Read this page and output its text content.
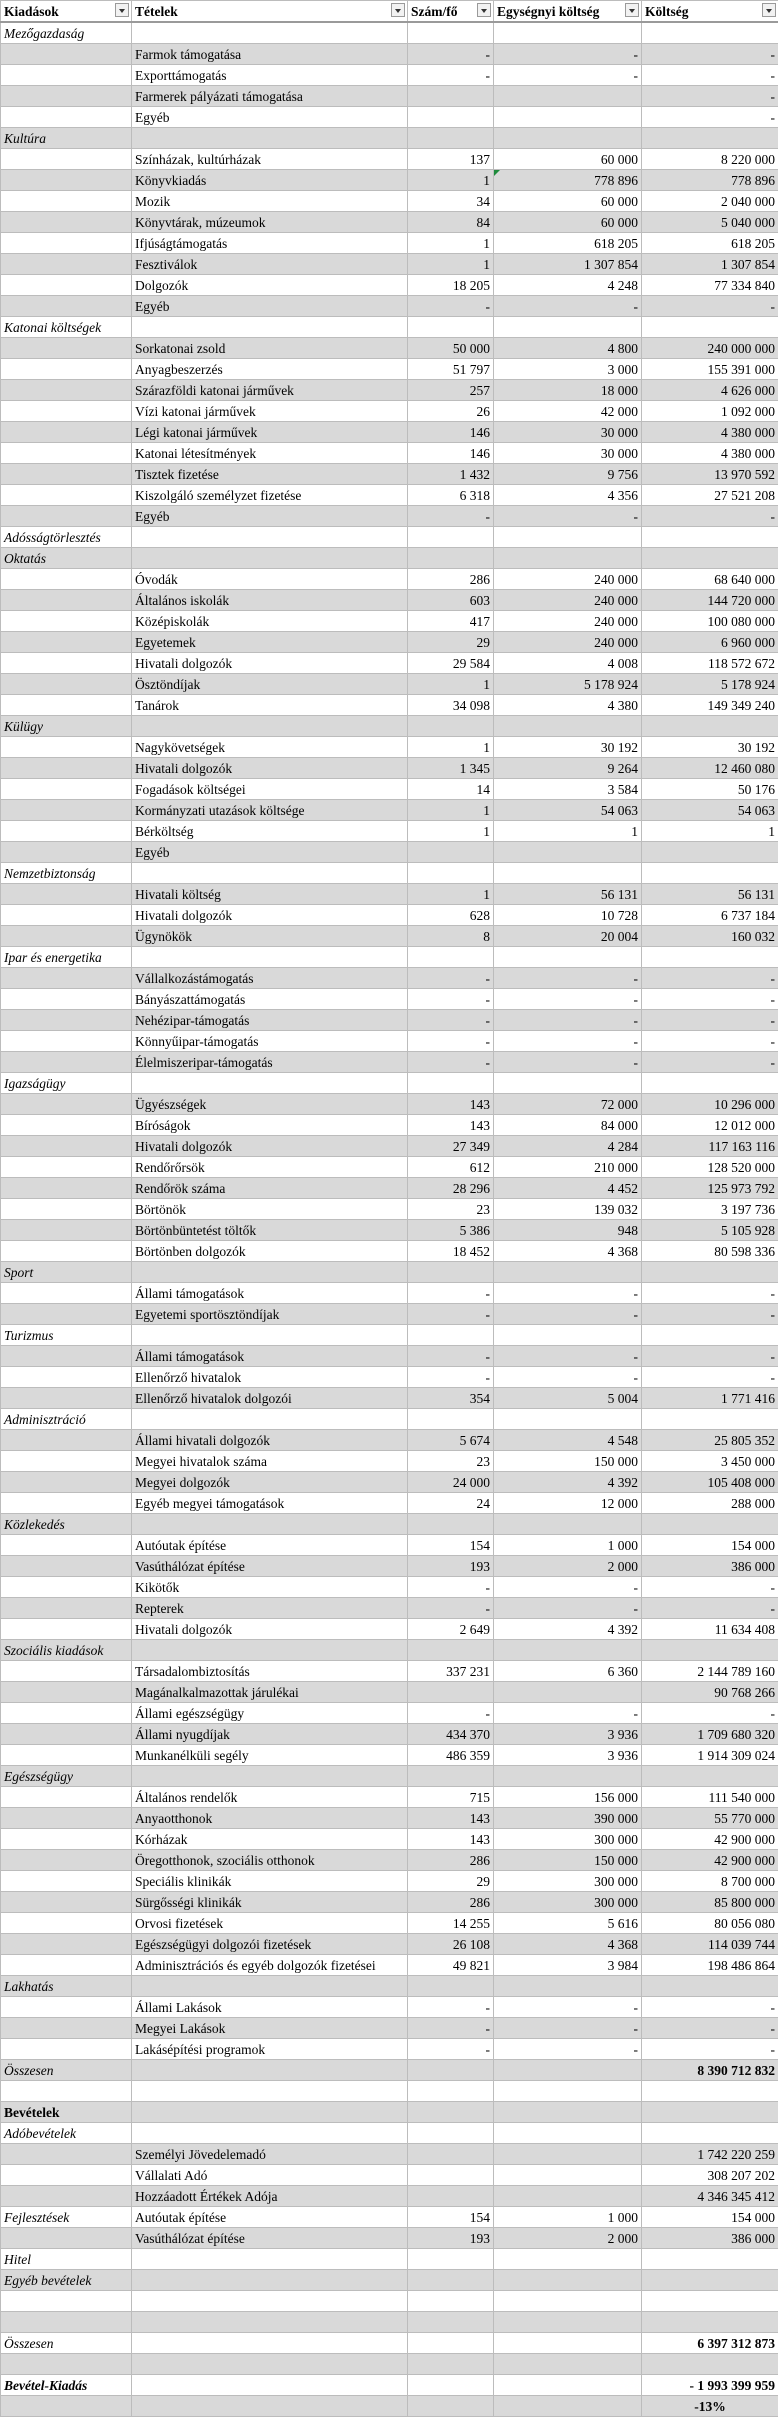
Kiadások	Tételek	Szám/fő	Egységnyi költség	Költség

Mezőgazdaság				
	Farmok támogatása	-	-	-
	Exporttámogatás	-	-	-
	Farmerek pályázati támogatása			-
	Egyéb			-
Kultúra				
	Színházak, kultúrházak	137	60 000	8 220 000
	Könyvkiadás	1	778 896	778 896
	Mozik	34	60 000	2 040 000
	Könyvtárak, múzeumok	84	60 000	5 040 000
	Ifjúságtámogatás	1	618 205	618 205
	Fesztiválok	1	1 307 854	1 307 854
	Dolgozók	18 205	4 248	77 334 840
	Egyéb	-	-	-
Katonai költségek				
	Sorkatonai zsold	50 000	4 800	240 000 000
	Anyagbeszerzés	51 797	3 000	155 391 000
	Szárazföldi katonai járművek	257	18 000	4 626 000
	Vízi katonai járművek	26	42 000	1 092 000
	Légi katonai járművek	146	30 000	4 380 000
	Katonai létesítmények	146	30 000	4 380 000
	Tisztek fizetése	1 432	9 756	13 970 592
	Kiszolgáló személyzet fizetése	6 318	4 356	27 521 208
	Egyéb	-	-	-
Adósságtörlesztés				
Oktatás				
	Óvodák	286	240 000	68 640 000
	Általános iskolák	603	240 000	144 720 000
	Középiskolák	417	240 000	100 080 000
	Egyetemek	29	240 000	6 960 000
	Hivatali dolgozók	29 584	4 008	118 572 672
	Ösztöndíjak	1	5 178 924	5 178 924
	Tanárok	34 098	4 380	149 349 240
Külügy				
	Nagykövetségek	1	30 192	30 192
	Hivatali dolgozók	1 345	9 264	12 460 080
	Fogadások költségei	14	3 584	50 176
	Kormányzati utazások költsége	1	54 063	54 063
	Bérköltség	1	1	1
	Egyéb			
Nemzetbiztonság				
	Hivatali költség	1	56 131	56 131
	Hivatali dolgozók	628	10 728	6 737 184
	Ügynökök	8	20 004	160 032
Ipar és energetika				
	Vállalkozástámogatás	-	-	-
	Bányászattámogatás	-	-	-
	Nehézipar-támogatás	-	-	-
	Könnyűipar-támogatás	-	-	-
	Élelmiszeripar-támogatás	-	-	-
Igazságügy				
	Ügyészségek	143	72 000	10 296 000
	Bíróságok	143	84 000	12 012 000
	Hivatali dolgozók	27 349	4 284	117 163 116
	Rendőrőrsök	612	210 000	128 520 000
	Rendőrök száma	28 296	4 452	125 973 792
	Börtönök	23	139 032	3 197 736
	Börtönbüntetést töltők	5 386	948	5 105 928
	Börtönben dolgozók	18 452	4 368	80 598 336
Sport				
	Állami támogatások	-	-	-
	Egyetemi sportösztöndíjak	-	-	-
Turizmus				
	Állami támogatások	-	-	-
	Ellenőrző hivatalok	-	-	-
	Ellenőrző hivatalok dolgozói	354	5 004	1 771 416
Adminisztráció				
	Állami hivatali dolgozók	5 674	4 548	25 805 352
	Megyei hivatalok száma	23	150 000	3 450 000
	Megyei dolgozók	24 000	4 392	105 408 000
	Egyéb megyei támogatások	24	12 000	288 000
Közlekedés				
	Autóutak építése	154	1 000	154 000
	Vasúthálózat építése	193	2 000	386 000
	Kikötők	-	-	-
	Repterek	-	-	-
	Hivatali dolgozók	2 649	4 392	11 634 408
Szociális kiadások				
	Társadalombiztosítás	337 231	6 360	2 144 789 160
	Magánalkalmazottak járulékai			90 768 266
	Állami egészségügy	-	-	-
	Állami nyugdíjak	434 370	3 936	1 709 680 320
	Munkanélküli segély	486 359	3 936	1 914 309 024
Egészségügy				
	Általános rendelők	715	156 000	111 540 000
	Anyaotthonok	143	390 000	55 770 000
	Kórházak	143	300 000	42 900 000
	Öregotthonok, szociális otthonok	286	150 000	42 900 000
	Speciális klinikák	29	300 000	8 700 000
	Sürgősségi klinikák	286	300 000	85 800 000
	Orvosi fizetések	14 255	5 616	80 056 080
	Egészségügyi dolgozói fizetések	26 108	4 368	114 039 744
	Adminisztrációs és egyéb dolgozók fizetései	49 821	3 984	198 486 864
Lakhatás				
	Állami Lakások	-	-	-
	Megyei Lakások	-	-	-
	Lakásépítési programok	-	-	-
Összesen				8 390 712 832

Bevételek				
Adóbevételek				
	Személyi Jövedelemadó			1 742 220 259
	Vállalati Adó			308 207 202
	Hozzáadott Értékek Adója			4 346 345 412
Fejlesztések	Autóutak építése	154	1 000	154 000
	Vasúthálózat építése	193	2 000	386 000
Hitel				
Egyéb bevételek				

Összesen				6 397 312 873

Bevétel-Kiadás				- 1 993 399 959
				-13%
